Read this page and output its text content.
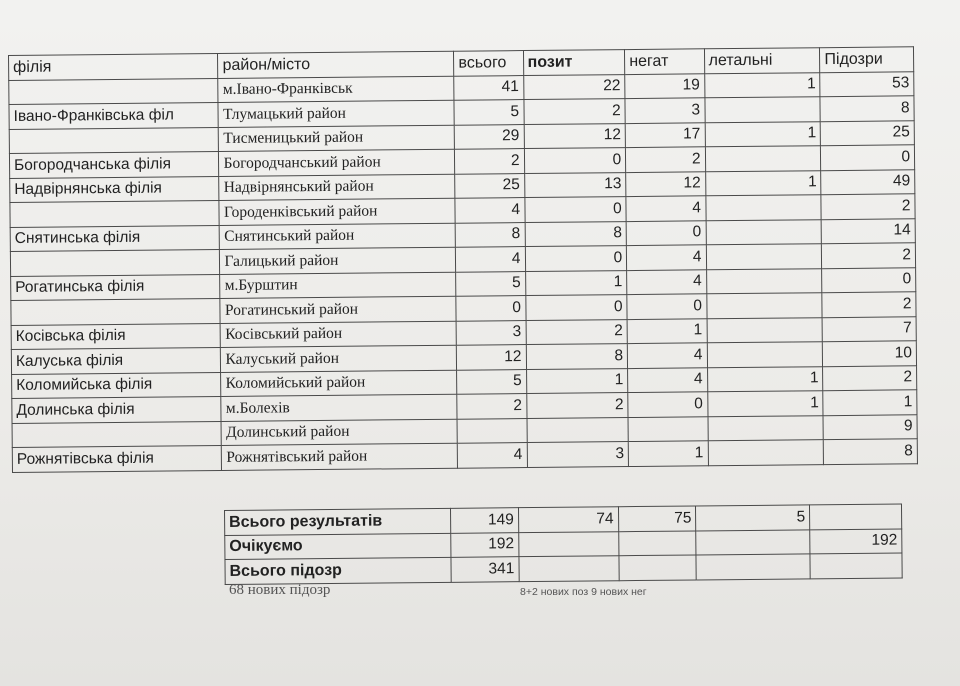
філія	район/місто	всього	позит	негат	летальні	Підозри
	м.Івано-Франківськ	41	22	19	1	53
Івано-Франківська філ	Тлумацький район	5	2	3		8
	Тисменицький район	29	12	17	1	25
Богородчанська філія	Богородчанський район	2	0	2		0
Надвірнянська філія	Надвірнянський район	25	13	12	1	49
	Городенківський район	4	0	4		2
Снятинська філія	Снятинський район	8	8	0		14
	Галицький район	4	0	4		2
Рогатинська філія	м.Бурштин	5	1	4		0
	Рогатинський район	0	0	0		2
Косівська філія	Косівський район	3	2	1		7
Калуська філія	Калуський район	12	8	4		10
Коломийська філія	Коломийський район	5	1	4	1	2
Долинська філія	м.Болехів	2	2	0	1	1
	Долинський район					9
Рожнятівська філія	Рожнятівський район	4	3	1		8
Всього результатів	149	74	75	5	
Очікуємо	192				192
Всього підозр	341				
68 нових підозр	8+2 нових поз 9 нових нег
